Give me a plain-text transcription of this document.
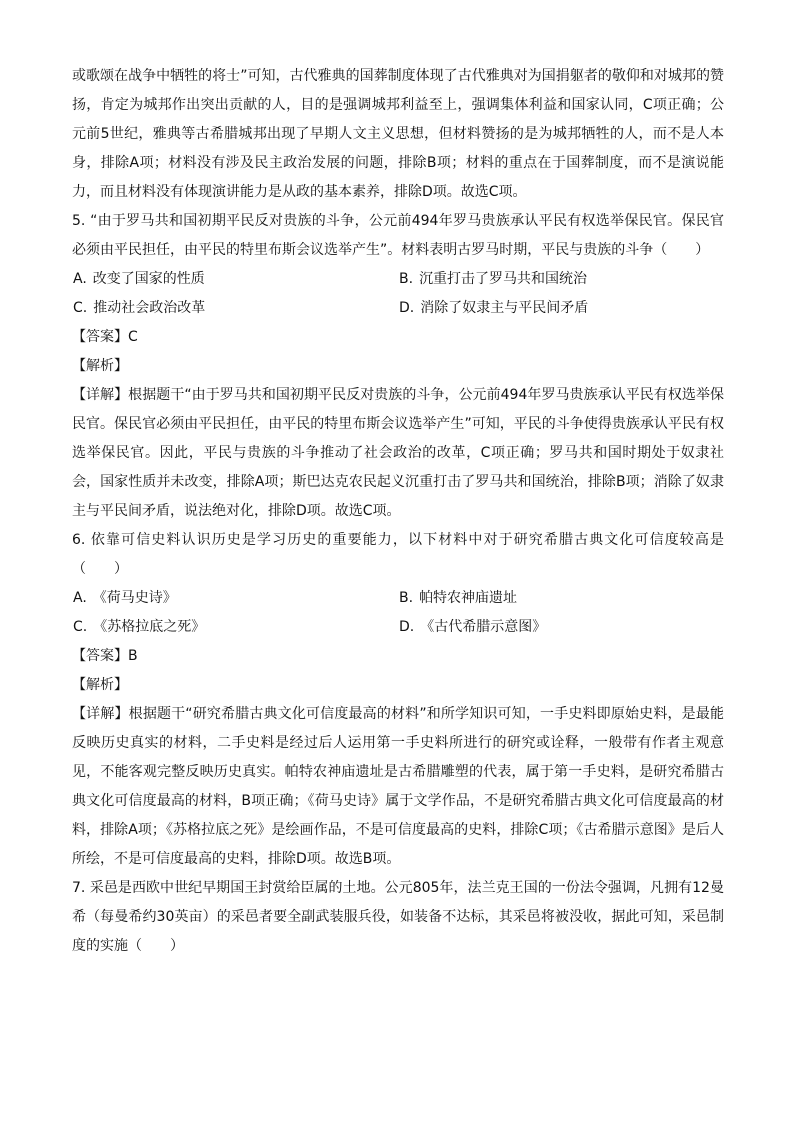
或歌颂在战争中牺牲的将士”可知，古代雅典的国葬制度体现了古代雅典对为国捐躯者的敬仰和对城邦的赞扬，肯定为城邦作出突出贡献的人，目的是强调城邦利益至上，强调集体利益和国家认同，C项正确；公元前5世纪，雅典等古希腊城邦出现了早期人文主义思想，但材料赞扬的是为城邦牺牲的人，而不是人本身，排除A项；材料没有涉及民主政治发展的问题，排除B项；材料的重点在于国葬制度，而不是演说能力，而且材料没有体现演讲能力是从政的基本素养，排除D项。故选C项。

5. “由于罗马共和国初期平民反对贵族的斗争，公元前494年罗马贵族承认平民有权选举保民官。保民官必须由平民担任，由平民的特里布斯会议选举产生”。材料表明古罗马时期，平民与贵族的斗争（　　）

A. 改变了国家的性质	B. 沉重打击了罗马共和国统治
C. 推动社会政治改革	D. 消除了奴隶主与平民间矛盾
【答案】C
【解析】

【详解】根据题干“由于罗马共和国初期平民反对贵族的斗争，公元前494年罗马贵族承认平民有权选举保民官。保民官必须由平民担任，由平民的特里布斯会议选举产生”可知，平民的斗争使得贵族承认平民有权选举保民官。因此，平民与贵族的斗争推动了社会政治的改革，C项正确；罗马共和国时期处于奴隶社会，国家性质并未改变，排除A项；斯巴达克农民起义沉重打击了罗马共和国统治，排除B项；消除了奴隶主与平民间矛盾，说法绝对化，排除D项。故选C项。

6. 依靠可信史料认识历史是学习历史的重要能力，以下材料中对于研究希腊古典文化可信度较高是（　　）

A. 《荷马史诗》	B. 帕特农神庙遗址
C. 《苏格拉底之死》	D. 《古代希腊示意图》
【答案】B
【解析】

【详解】根据题干“研究希腊古典文化可信度最高的材料”和所学知识可知，一手史料即原始史料，是最能反映历史真实的材料，二手史料是经过后人运用第一手史料所进行的研究或诠释，一般带有作者主观意见，不能客观完整反映历史真实。帕特农神庙遗址是古希腊雕塑的代表，属于第一手史料，是研究希腊古典文化可信度最高的材料，B项正确；《荷马史诗》属于文学作品，不是研究希腊古典文化可信度最高的材料，排除A项；《苏格拉底之死》是绘画作品，不是可信度最高的史料，排除C项；《古希腊示意图》是后人所绘，不是可信度最高的史料，排除D项。故选B项。

7. 采邑是西欧中世纪早期国王封赏给臣属的土地。公元805年，法兰克王国的一份法令强调，凡拥有12曼希（每曼希约30英亩）的采邑者要全副武装服兵役，如装备不达标，其采邑将被没收，据此可知，采邑制度的实施（　　）
